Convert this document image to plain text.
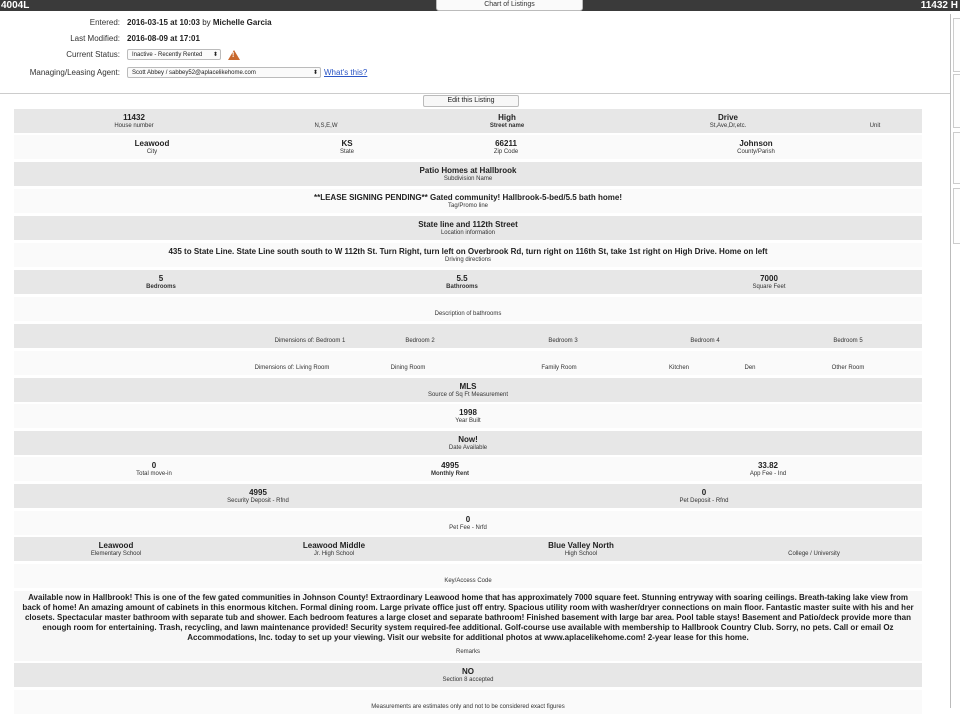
4004L	Chart of Listings	11432 H
Entered: 2016-03-15 at 10:03 by Michelle Garcia
Last Modified: 2016-08-09 at 17:01
Current Status:	Inactive - Recently Rented ⬍ !
Managing/Leasing Agent:	Scott Abbey / sabbey52@aplacelikehome.com	⬍ What's this?
Edit this Listing
11432
House number	N,S,E,W
High
Street name
Drive
St,Ave,Dr,etc.	Unit
Leawood
City
KS
State
66211
Zip Code
Johnson
County/Parish
Patio Homes at Hallbrook
Subdivision Name
**LEASE SIGNING PENDING** Gated community! Hallbrook-5-bed/5.5 bath home!
Tag/Promo line
State line and 112th Street
Location information
435 to State Line. State Line south south to W 112th St. Turn Right, turn left on Overbrook Rd, turn right on 116th St, take 1st right on High Drive. Home on left
Driving directions
5
Bedrooms
5.5
Bathrooms
7000
Square Feet
Description of bathrooms
Dimensions of: Bedroom 1	Bedroom 2	Bedroom 3	Bedroom 4	Bedroom 5
Dimensions of: Living Room	Dining Room	Family Room	Kitchen	Den	Other Room
MLS
Source of Sq Ft Measurement
1998
Year Built
Now!
Date Available
0
Total move-in
4995
Monthly Rent
33.82
App Fee - Ind
4995
Security Deposit - Rfnd
0
Pet Deposit - Rfnd
0
Pet Fee - Nrfd
Leawood
Elementary School
Leawood Middle
Jr. High School
Blue Valley North
High School	College / University
Key/Access Code
Available now in Hallbrook! This is one of the few gated communities in Johnson County! Extraordinary Leawood home that has approximately 7000 square feet. Stunning entryway with soaring ceilings. Breath-taking lake view from back of home! An amazing amount of cabinets in this enormous kitchen. Formal dining room. Large private office just off entry. Spacious utility room with washer/dryer connections on main floor. Fantastic master suite with his and her closets. Spectacular master bathroom with separate tub and shower. Each bedroom features a large closet and separate bathroom! Finished basement with large bar area. Pool table stays! Basement and Patio/deck provide more than enough room for entertaining. Trash, recycling, and lawn maintenance provided! Security system required-fee additional. Golf-course use available with membership to Hallbrook Country Club. Sorry, no pets. Call or email Oz Accommodations, Inc. today to set up your viewing. Visit our website for additional photos at www.aplacelikehome.com! 2-year lease for this home.
Remarks
NO
Section 8 accepted
Measurements are estimates only and not to be considered exact figures
